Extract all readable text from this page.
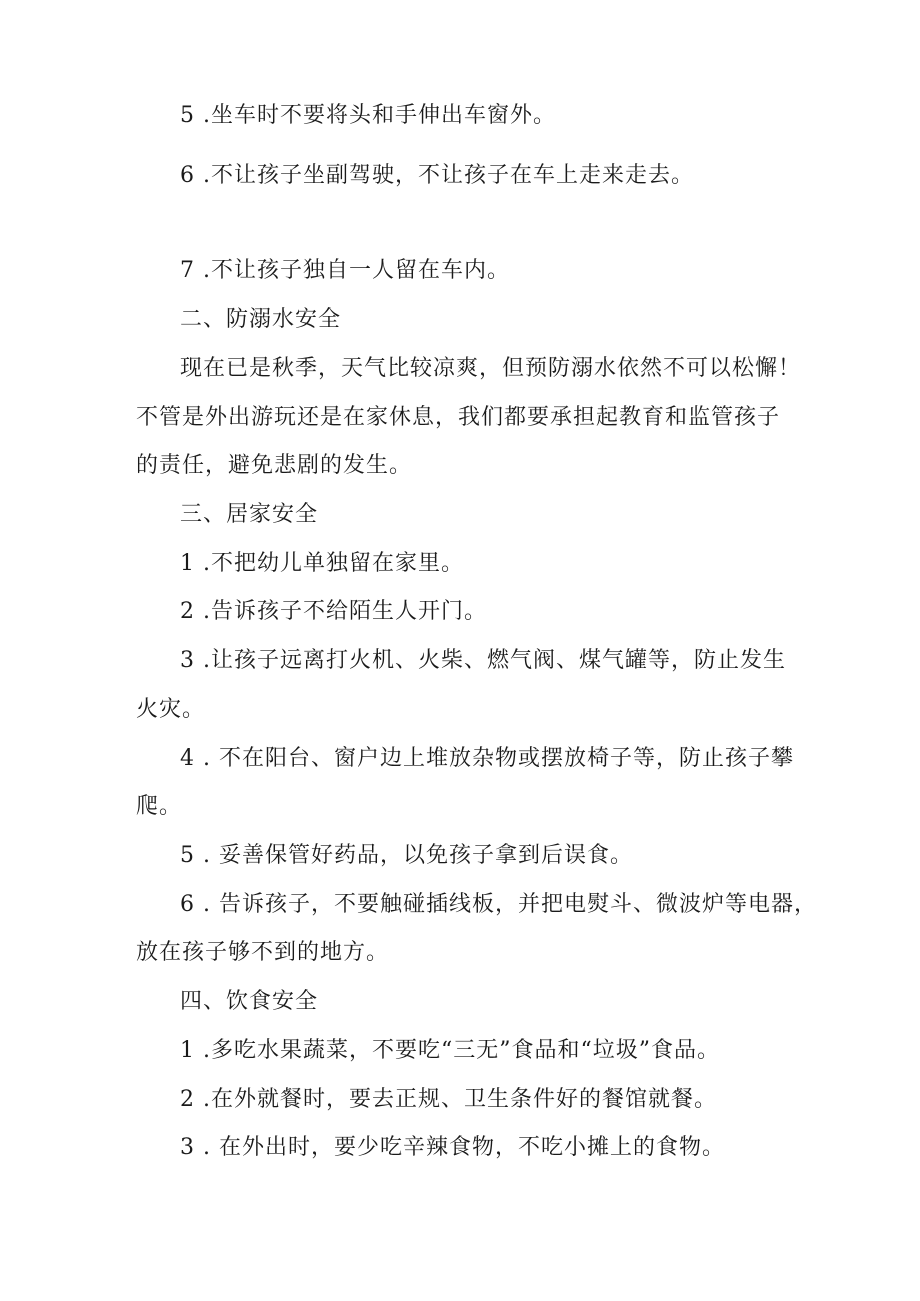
5 .坐车时不要将头和手伸出车窗外。

6 .不让孩子坐副驾驶，不让孩子在车上走来走去。

7 .不让孩子独自一人留在车内。

二、防溺水安全

现在已是秋季，天气比较凉爽，但预防溺水依然不可以松懈！

不管是外出游玩还是在家休息，我们都要承担起教育和监管孩子

的责任，避免悲剧的发生。

三、居家安全

1 .不把幼儿单独留在家里。

2 .告诉孩子不给陌生人开门。

3 .让孩子远离打火机、火柴、燃气阀、煤气罐等，防止发生

火灾。

4 . 不在阳台、窗户边上堆放杂物或摆放椅子等，防止孩子攀

爬。

5 . 妥善保管好药品，以免孩子拿到后误食。

6 . 告诉孩子，不要触碰插线板，并把电熨斗、微波炉等电器，

放在孩子够不到的地方。

四、饮食安全

1 .多吃水果蔬菜，不要吃“三无”食品和“垃圾”食品。

2 .在外就餐时，要去正规、卫生条件好的餐馆就餐。

3 . 在外出时，要少吃辛辣食物，不吃小摊上的食物。
